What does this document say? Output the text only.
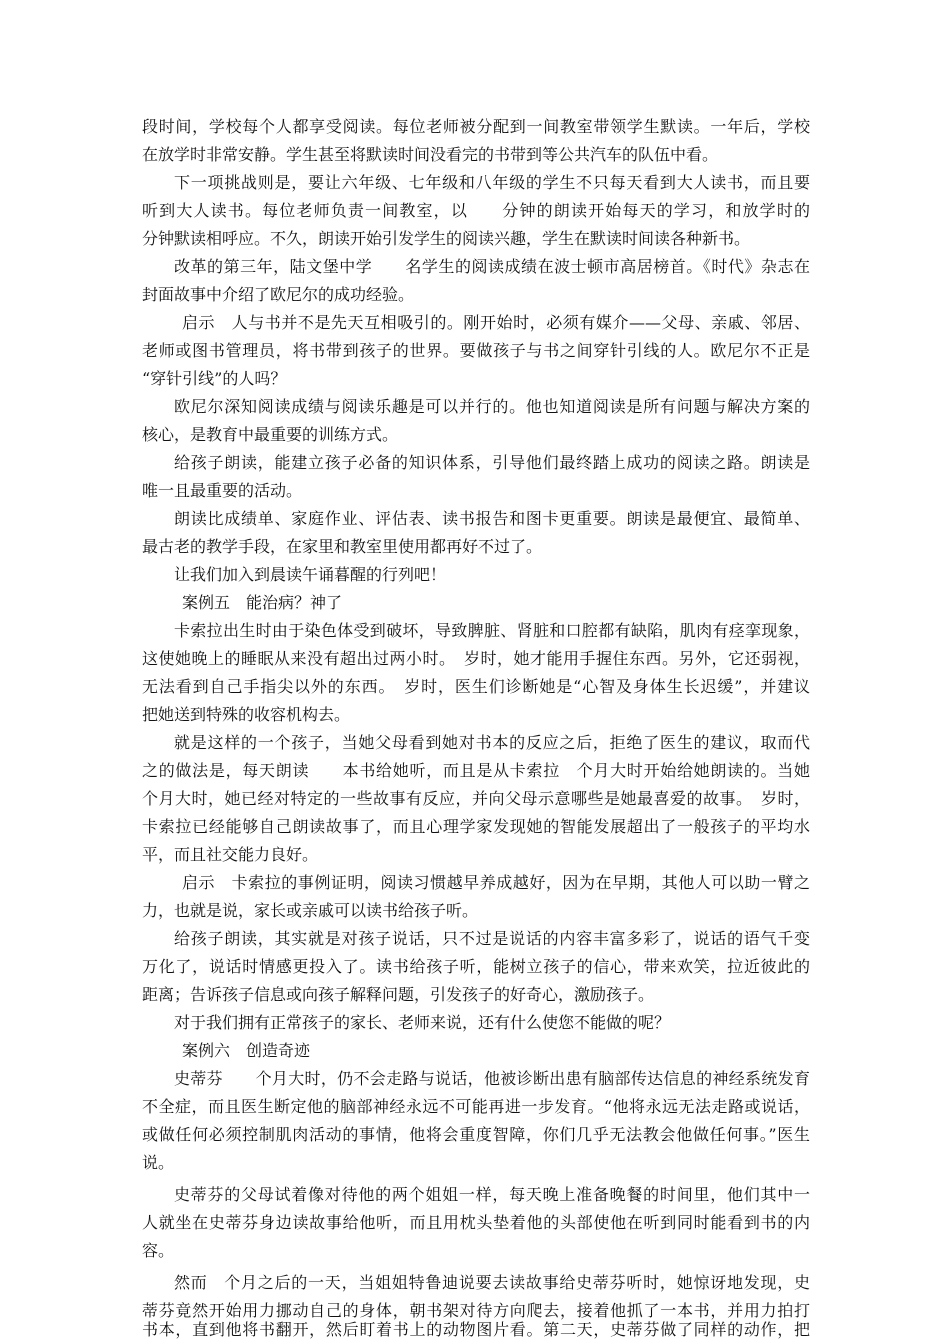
段时间，学校每个人都享受阅读。每位老师被分配到一间教室带领学生默读。一年后，学校
在放学时非常安静。学生甚至将默读时间没看完的书带到等公共汽车的队伍中看。
下一项挑战则是，要让六年级、七年级和八年级的学生不只每天看到大人读书，而且要
听到大人读书。每位老师负责一间教室，以　　分钟的朗读开始每天的学习，和放学时的
分钟默读相呼应。不久，朗读开始引发学生的阅读兴趣，学生在默读时间读各种新书。
改革的第三年，陆文堡中学　　名学生的阅读成绩在波士顿市高居榜首。《时代》杂志在
封面故事中介绍了欧尼尔的成功经验。
启示　人与书并不是先天互相吸引的。刚开始时，必须有媒介——父母、亲戚、邻居、
老师或图书管理员，将书带到孩子的世界。要做孩子与书之间穿针引线的人。欧尼尔不正是
“穿针引线”的人吗？
欧尼尔深知阅读成绩与阅读乐趣是可以并行的。他也知道阅读是所有问题与解决方案的
核心，是教育中最重要的训练方式。
给孩子朗读，能建立孩子必备的知识体系，引导他们最终踏上成功的阅读之路。朗读是
唯一且最重要的活动。
朗读比成绩单、家庭作业、评估表、读书报告和图卡更重要。朗读是最便宜、最简单、
最古老的教学手段，在家里和教室里使用都再好不过了。
让我们加入到晨读午诵暮醒的行列吧！
案例五　能治病？神了
卡索拉出生时由于染色体受到破坏，导致脾脏、肾脏和口腔都有缺陷，肌肉有痉挛现象，
这使她晚上的睡眠从来没有超出过两小时。　岁时，她才能用手握住东西。另外，它还弱视，
无法看到自己手指尖以外的东西。　岁时，医生们诊断她是“心智及身体生长迟缓”，并建议
把她送到特殊的收容机构去。
就是这样的一个孩子，当她父母看到她对书本的反应之后，拒绝了医生的建议，取而代
之的做法是，每天朗读　　本书给她听，而且是从卡索拉　个月大时开始给她朗读的。当她
个月大时，她已经对特定的一些故事有反应，并向父母示意哪些是她最喜爱的故事。　岁时，
卡索拉已经能够自己朗读故事了，而且心理学家发现她的智能发展超出了一般孩子的平均水
平，而且社交能力良好。
启示　卡索拉的事例证明，阅读习惯越早养成越好，因为在早期，其他人可以助一臂之
力，也就是说，家长或亲戚可以读书给孩子听。
给孩子朗读，其实就是对孩子说话，只不过是说话的内容丰富多彩了，说话的语气千变
万化了，说话时情感更投入了。读书给孩子听，能树立孩子的信心，带来欢笑，拉近彼此的
距离；告诉孩子信息或向孩子解释问题，引发孩子的好奇心，激励孩子。
对于我们拥有正常孩子的家长、老师来说，还有什么使您不能做的呢？
案例六　创造奇迹
史蒂芬　　个月大时，仍不会走路与说话，他被诊断出患有脑部传达信息的神经系统发育
不全症，而且医生断定他的脑部神经永远不可能再进一步发育。“他将永远无法走路或说话，
或做任何必须控制肌肉活动的事情，他将会重度智障，你们几乎无法教会他做任何事。”医生
说。
史蒂芬的父母试着像对待他的两个姐姐一样，每天晚上准备晚餐的时间里，他们其中一
人就坐在史蒂芬身边读故事给他听，而且用枕头垫着他的头部使他在听到同时能看到书的内
容。
然而　个月之后的一天，当姐姐特鲁迪说要去读故事给史蒂芬听时，她惊讶地发现，史
蒂芬竟然开始用力挪动自己的身体，朝书架对待方向爬去，接着他抓了一本书，并用力拍打
书本，直到他将书翻开，然后盯着书上的动物图片看。第二天，史蒂芬做了同样的动作，把
